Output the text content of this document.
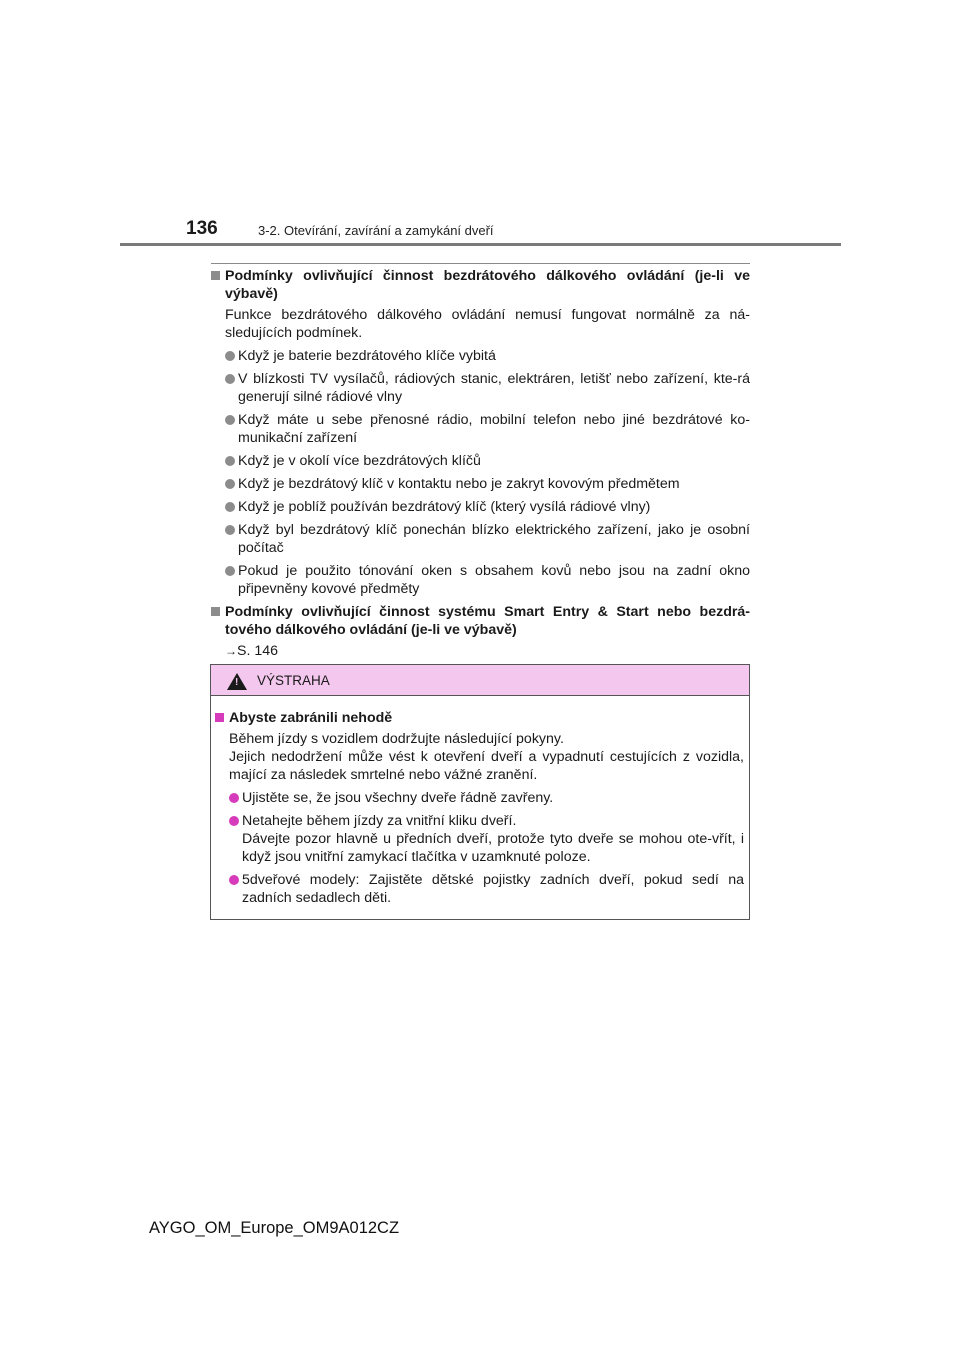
136	3-2. Otevírání, zavírání a zamykání dveří
Podmínky ovlivňující činnost bezdrátového dálkového ovládání (je-li ve výbavě)
Funkce bezdrátového dálkového ovládání nemusí fungovat normálně za ná-sledujících podmínek.
Když je baterie bezdrátového klíče vybitá
V blízkosti TV vysílačů, rádiových stanic, elektráren, letišť nebo zařízení, kte-rá generují silné rádiové vlny
Když máte u sebe přenosné rádio, mobilní telefon nebo jiné bezdrátové ko-munikační zařízení
Když je v okolí více bezdrátových klíčů
Když je bezdrátový klíč v kontaktu nebo je zakryt kovovým předmětem
Když je poblíž používán bezdrátový klíč (který vysílá rádiové vlny)
Když byl bezdrátový klíč ponechán blízko elektrického zařízení, jako je osobní počítač
Pokud je použito tónování oken s obsahem kovů nebo jsou na zadní okno připevněny kovové předměty
Podmínky ovlivňující činnost systému Smart Entry & Start nebo bezdrá-tového dálkového ovládání (je-li ve výbavě)
→S. 146
! VÝSTRAHA
Abyste zabránili nehodě
Během jízdy s vozidlem dodržujte následující pokyny.
Jejich nedodržení může vést k otevření dveří a vypadnutí cestujících z vozidla, mající za následek smrtelné nebo vážné zranění.
Ujistěte se, že jsou všechny dveře řádně zavřeny.
Netahejte během jízdy za vnitřní kliku dveří.
Dávejte pozor hlavně u předních dveří, protože tyto dveře se mohou ote-vřít, i když jsou vnitřní zamykací tlačítka v uzamknuté poloze.
5dveřové modely: Zajistěte dětské pojistky zadních dveří, pokud sedí na zadních sedadlech děti.
AYGO_OM_Europe_OM9A012CZ
